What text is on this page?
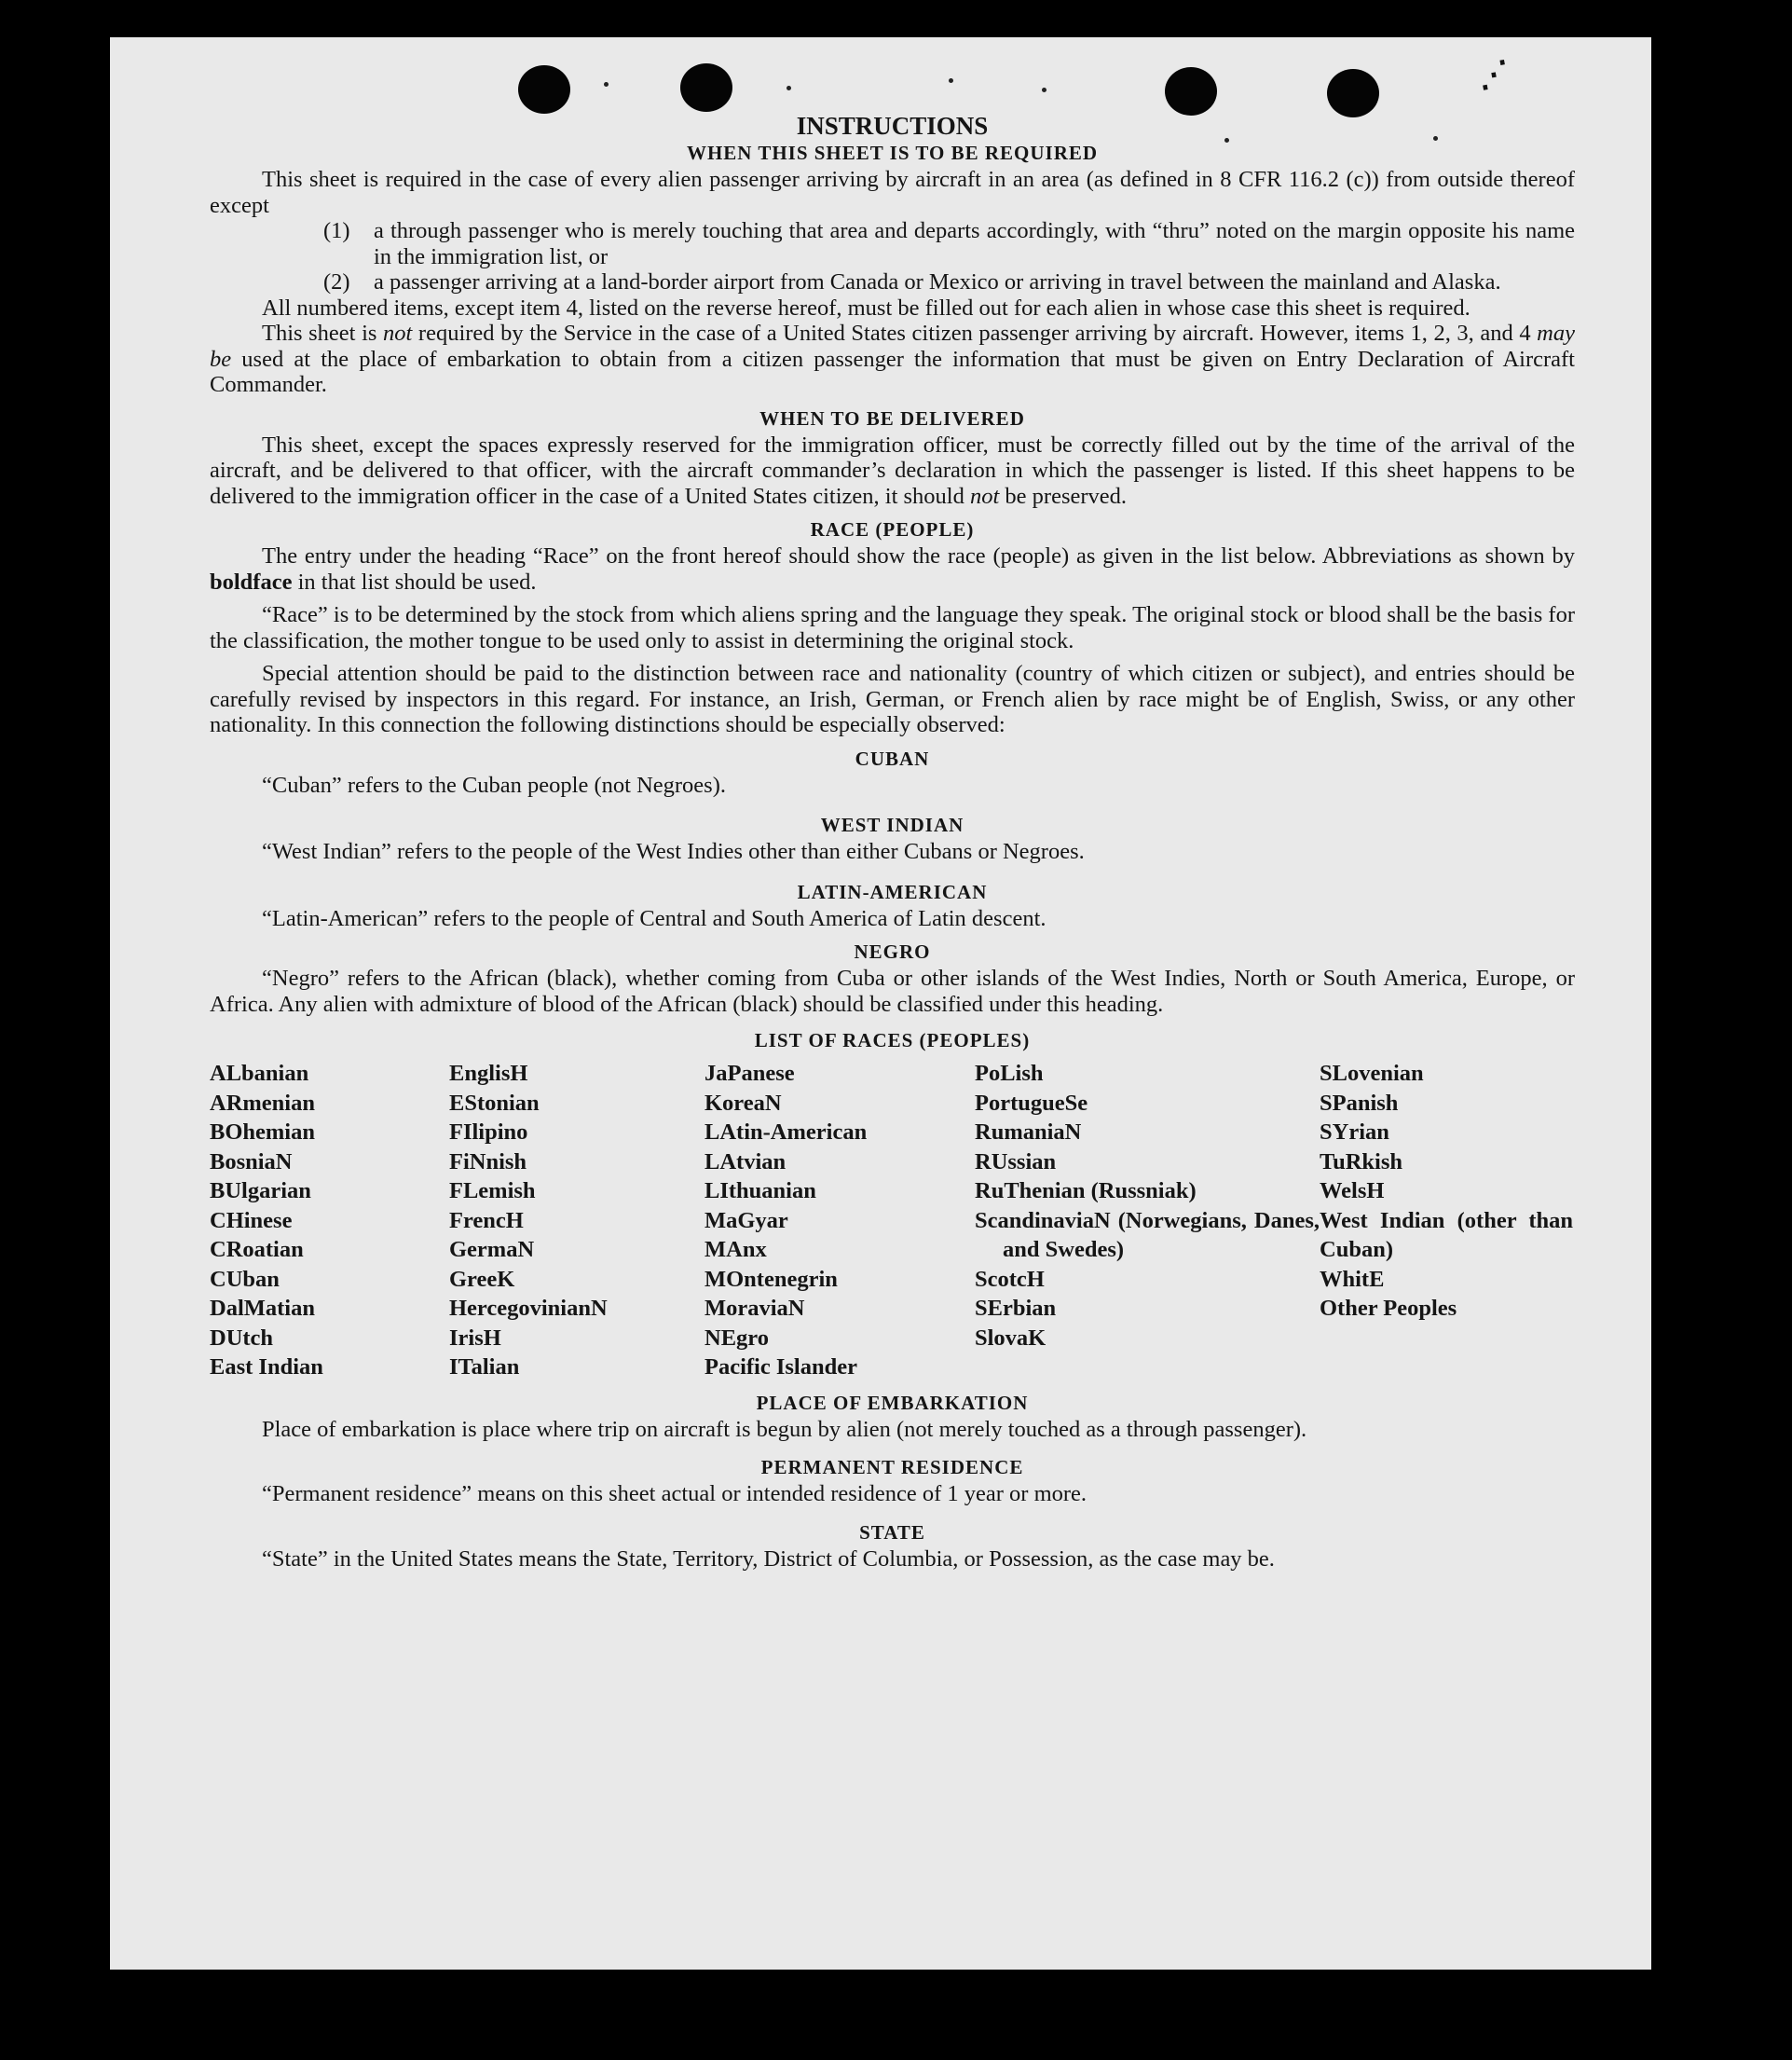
⋰
INSTRUCTIONS
WHEN THIS SHEET IS TO BE REQUIRED

This sheet is required in the case of every alien passenger arriving by aircraft in an area (as defined in 8 CFR 116.2 (c)) from outside thereof except

(1)	a through passenger who is merely touching that area and departs accordingly, with “thru” noted on the margin opposite his name in the immigration list, or
(2)	a passenger arriving at a land-border airport from Canada or Mexico or arriving in travel between the mainland and Alaska.

All numbered items, except item 4, listed on the reverse hereof, must be filled out for each alien in whose case this sheet is required.

This sheet is not required by the Service in the case of a United States citizen passenger arriving by aircraft. However, items 1, 2, 3, and 4 may be used at the place of embarkation to obtain from a citizen passenger the information that must be given on Entry Declaration of Aircraft Commander.

WHEN TO BE DELIVERED

This sheet, except the spaces expressly reserved for the immigration officer, must be correctly filled out by the time of the arrival of the aircraft, and be delivered to that officer, with the aircraft commander’s declaration in which the passenger is listed. If this sheet happens to be delivered to the immigration officer in the case of a United States citizen, it should not be preserved.

RACE (PEOPLE)

The entry under the heading “Race” on the front hereof should show the race (people) as given in the list below. Abbreviations as shown by boldface in that list should be used.

“Race” is to be determined by the stock from which aliens spring and the language they speak. The original stock or blood shall be the basis for the classification, the mother tongue to be used only to assist in determining the original stock.

Special attention should be paid to the distinction between race and nationality (country of which citizen or subject), and entries should be carefully revised by inspectors in this regard. For instance, an Irish, German, or French alien by race might be of English, Swiss, or any other nationality. In this connection the following distinctions should be especially observed:

CUBAN

“Cuban” refers to the Cuban people (not Negroes).

WEST INDIAN

“West Indian” refers to the people of the West Indies other than either Cubans or Negroes.

LATIN-AMERICAN

“Latin-American” refers to the people of Central and South America of Latin descent.

NEGRO

“Negro” refers to the African (black), whether coming from Cuba or other islands of the West Indies, North or South America, Europe, or Africa. Any alien with admixture of blood of the African (black) should be classified under this heading.

LIST OF RACES (PEOPLES)
ALbanian
ARmenian
BOhemian
BosniaN
BUlgarian
CHinese
CRoatian
CUban
DalMatian
DUtch
East Indian
EnglisH
EStonian
FIlipino
FiNnish
FLemish
FrencH
GermaN
GreeK
HercegovinianN
IrisH
ITalian
JaPanese
KoreaN
LAtin-American
LAtvian
LIthuanian
MaGyar
MAnx
MOntenegrin
MoraviaN
NEgro
Pacific Islander
PoLish
PortugueSe
RumaniaN
RUssian
RuThenian (Russniak)
ScandinaviaN (Norwegians, Danes, and Swedes)
ScotcH
SErbian
SlovaK
SLovenian
SPanish
SYrian
TuRkish
WelsH
West Indian (other than Cuban)
WhitE
Other Peoples
PLACE OF EMBARKATION

Place of embarkation is place where trip on aircraft is begun by alien (not merely touched as a through passenger).

PERMANENT RESIDENCE

“Permanent residence” means on this sheet actual or intended residence of 1 year or more.

STATE

“State” in the United States means the State, Territory, District of Columbia, or Possession, as the case may be.
